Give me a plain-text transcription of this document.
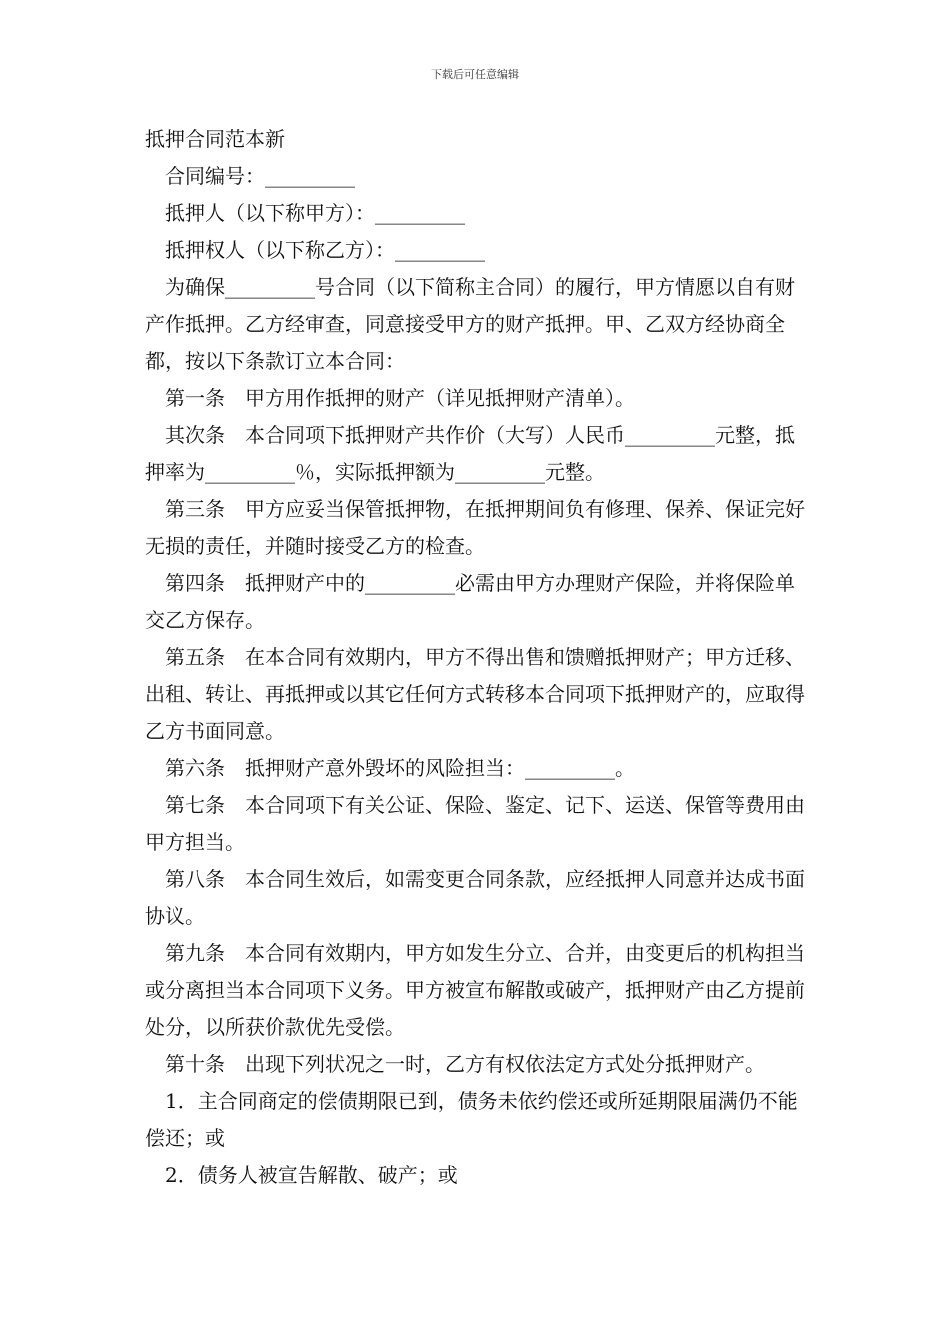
下载后可任意编辑

抵押合同范本新

合同编号：_________

抵押人（以下称甲方）：_________

抵押权人（以下称乙方）：_________

为确保_________号合同（以下简称主合同）的履行，甲方情愿以自有财产作抵押。乙方经审查，同意接受甲方的财产抵押。甲、乙双方经协商全都，按以下条款订立本合同：

第一条　甲方用作抵押的财产（详见抵押财产清单）。

其次条　本合同项下抵押财产共作价（大写）人民币_________元整，抵押率为_________％，实际抵押额为_________元整。

第三条　甲方应妥当保管抵押物，在抵押期间负有修理、保养、保证完好无损的责任，并随时接受乙方的检查。

第四条　抵押财产中的_________必需由甲方办理财产保险，并将保险单交乙方保存。

第五条　在本合同有效期内，甲方不得出售和馈赠抵押财产；甲方迁移、出租、转让、再抵押或以其它任何方式转移本合同项下抵押财产的，应取得乙方书面同意。

第六条　抵押财产意外毁坏的风险担当：_________。

第七条　本合同项下有关公证、保险、鉴定、记下、运送、保管等费用由甲方担当。

第八条　本合同生效后，如需变更合同条款，应经抵押人同意并达成书面协议。

第九条　本合同有效期内，甲方如发生分立、合并，由变更后的机构担当或分离担当本合同项下义务。甲方被宣布解散或破产，抵押财产由乙方提前处分，以所获价款优先受偿。

第十条　出现下列状况之一时，乙方有权依法定方式处分抵押财产。

1．主合同商定的偿债期限已到，债务未依约偿还或所延期限届满仍不能偿还；或

2．债务人被宣告解散、破产；或
